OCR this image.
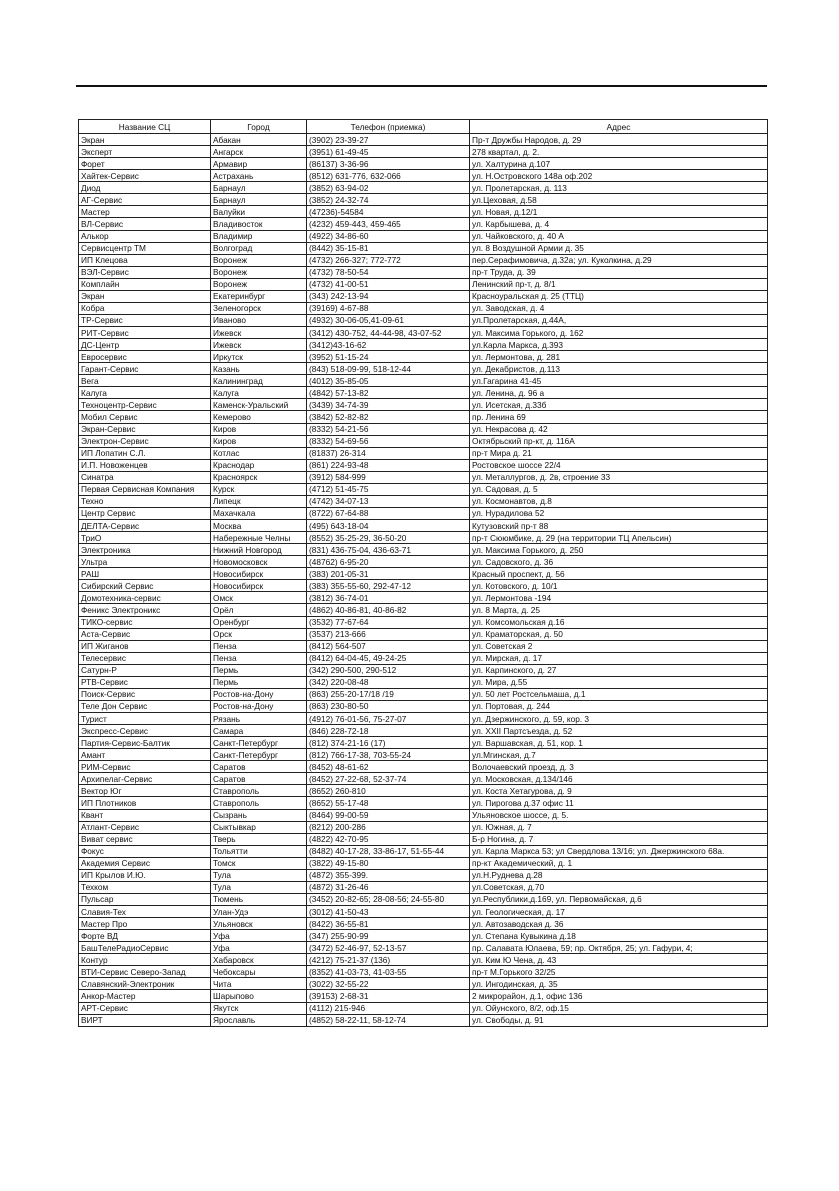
Название СЦ	Город	Телефон (приемка)	Адрес
Экран	Абакан	(3902) 23-39-27	Пр-т Дружбы Народов, д. 29
Эксперт	Ангарск	(3951) 61-49-45	278 квартал, д. 2.
Форет	Армавир	(86137) 3-36-96	ул. Халтурина д.107
Хайтек-Сервис	Астрахань	(8512) 631-776, 632-066	ул. Н.Островского 148а оф.202
Диод	Барнаул	(3852) 63-94-02	ул. Пролетарская, д. 113
АГ-Сервис	Барнаул	(3852) 24-32-74	ул.Цеховая, д.58
Мастер	Валуйки	(47236)-54584	ул. Новая, д.12/1
ВЛ-Сервис	Владивосток	(4232) 459-443, 459-465	ул. Карбышева, д. 4
Алькор	Владимир	(4922) 34-86-60	ул. Чайковского, д. 40 А
Сервисцентр ТМ	Волгоград	(8442) 35-15-81	ул. 8 Воздушной Армии д. 35
ИП Клецова	Воронеж	(4732) 266-327; 772-772	пер.Серафимовича, д.32а; ул. Куколкина, д.29
ВЭЛ-Сервис	Воронеж	(4732) 78-50-54	пр-т Труда, д. 39
Комплайн	Воронеж	(4732) 41-00-51	Ленинский пр-т, д. 8/1
Экран	Екатеринбург	(343) 242-13-94	Красноуральская д. 25 (ТТЦ)
Кобра	Зеленогорск	(39169) 4-67-88	ул. Заводская, д. 4
ТР-Сервис	Иваново	(4932) 30-06-05,41-09-61	ул.Пролетарская, д.44А,
РИТ-Сервис	Ижевск	(3412) 430-752, 44-44-98, 43-07-52	ул. Максима Горького, д. 162
ДС-Центр	Ижевск	(3412)43-16-62	ул.Карла Маркса, д.393
Евросервис	Иркутск	(3952) 51-15-24	ул. Лермонтова, д. 281
Гарант-Сервис	Казань	(843) 518-09-99, 518-12-44	ул. Декабристов, д.113
Вега	Калининград	(4012) 35-85-05	ул.Гагарина 41-45
Калуга	Калуга	(4842) 57-13-82	ул. Ленина, д. 96 а
Техноцентр-Сервис	Каменск-Уральский	(3439) 34-74-39	ул. Исетская, д.33б
Мобил Сервис	Кемерово	(3842) 52-82-82	пр. Ленина 69
Экран-Сервис	Киров	(8332) 54-21-56	ул. Некрасова д. 42
Электрон-Сервис	Киров	(8332) 54-69-56	Октябрьский пр-кт, д. 116А
ИП Лопатин С.Л.	Котлас	(81837) 26-314	пр-т Мира д. 21
И.П. Новоженцев	Краснодар	(861) 224-93-48	Ростовское шоссе 22/4
Синатра	Красноярск	(3912) 584-999	ул. Металлургов, д. 2в, строение 33
Первая Сервисная Компания	Курск	(4712) 51-45-75	ул. Садовая, д. 5
Техно	Липецк	(4742) 34-07-13	ул. Космонавтов, д.8
Центр Сервис	Махачкала	(8722) 67-64-88	ул. Нурадилова 52
ДЕЛТА-Сервис	Москва	(495) 643-18-04	Кутузовский пр-т 88
ТриО	Набережные Челны	(8552) 35-25-29, 36-50-20	пр-т Сююмбике, д. 29 (на территории ТЦ Апельсин)
Электроника	Нижний Новгород	(831) 436-75-04, 436-63-71	ул. Максима Горького, д. 250
Ультра	Новомосковск	(48762) 6-95-20	ул. Садовского, д. 36
РАШ	Новосибирск	(383) 201-05-31	Красный проспект, д. 56
Сибирский Сервис	Новосибирск	(383) 355-55-60, 292-47-12	ул. Котовского, д. 10/1
Домотехника-сервис	Омск	(3812) 36-74-01	ул. Лермонтова -194
Феникс Электроникс	Орёл	(4862) 40-86-81, 40-86-82	ул. 8 Марта, д. 25
ТИКО-сервис	Оренбург	(3532) 77-67-64	ул. Комсомольская д.16
Аста-Сервис	Орск	(3537) 213-666	ул. Краматорская, д. 50
ИП Жиганов	Пенза	(8412) 564-507	ул. Советская 2
Телесервис	Пенза	(8412) 64-04-45, 49-24-25	ул. Мирская, д. 17
Сатурн-Р	Пермь	(342) 290-500, 290-512	ул. Карпинского, д. 27
РТВ-Сервис	Пермь	(342) 220-08-48	ул. Мира, д.55
Поиск-Сервис	Ростов-на-Дону	(863) 255-20-17/18 /19	ул. 50 лет Ростсельмаша, д.1
Теле Дон Сервис	Ростов-на-Дону	(863) 230-80-50	ул. Портовая, д. 244
Турист	Рязань	(4912) 76-01-56, 75-27-07	ул. Дзержинского, д. 59, кор. 3
Экспресс-Сервис	Самара	(846) 228-72-18	ул. XXII Партсъезда, д. 52
Партия-Сервис-Балтик	Санкт-Петербург	(812) 374-21-16 (17)	ул. Варшавская, д. 51, кор. 1
Амант	Санкт-Петербург	(812) 766-17-38, 703-55-24	ул.Мгинская, д.7
РИМ-Сервис	Саратов	(8452) 48-61-62	Волочаевский проезд, д. 3
Архипелаг-Сервис	Саратов	(8452) 27-22-68, 52-37-74	ул. Московская, д.134/146
Вектор Юг	Ставрополь	(8652) 260-810	ул. Коста Хетагурова, д. 9
ИП Плотников	Ставрополь	(8652) 55-17-48	ул. Пирогова д.37 офис 11
Квант	Сызрань	(8464) 99-00-59	Ульяновское шоссе, д. 5.
Атлант-Сервис	Сыктывкар	(8212) 200-286	ул. Южная, д. 7
Виват сервис	Тверь	(4822) 42-70-95	Б-р Ногина, д. 7
Фокус	Тольятти	(8482) 40-17-28, 33-86-17, 51-55-44	ул. Карла Маркса 53; ул Свердлова 13/16; ул. Джержинского 68а.
Академия Сервис	Томск	(3822) 49-15-80	пр-кт Академический, д. 1
ИП Крылов И.Ю.	Тула	(4872) 355-399.	ул.Н.Руднева д.28
Техком	Тула	(4872) 31-26-46	ул.Советская, д.70
Пульсар	Тюмень	(3452) 20-82-65; 28-08-56; 24-55-80	ул.Республики,д.169, ул. Первомайская, д.6
Славия-Тех	Улан-Удэ	(3012) 41-50-43	ул. Геологическая, д. 17
Мастер Про	Ульяновск	(8422) 36-55-81	ул. Автозаводская д. 36
Форте ВД	Уфа	(347) 255-90-99	ул. Степана Кувыкина д.18
БашТелеРадиоСервис	Уфа	(3472) 52-46-97, 52-13-57	пр. Салавата Юлаева, 59; пр. Октября, 25; ул. Гафури, 4;
Контур	Хабаровск	(4212) 75-21-37 (136)	ул. Ким Ю Чена, д. 43
ВТИ-Сервис Северо-Запад	Чебоксары	(8352) 41-03-73, 41-03-55	пр-т М.Горького 32/25
Славянский-Электроник	Чита	(3022) 32-55-22	ул. Ингодинская, д. 35
Анкор-Мастер	Шарыпово	(39153) 2-68-31	2 микрорайон, д.1, офис 136
АРТ-Сервис	Якутск	(4112) 215-946	ул. Ойунского, 8/2, оф.15
ВИРТ	Ярославль	(4852) 58-22-11, 58-12-74	ул. Свободы, д. 91
